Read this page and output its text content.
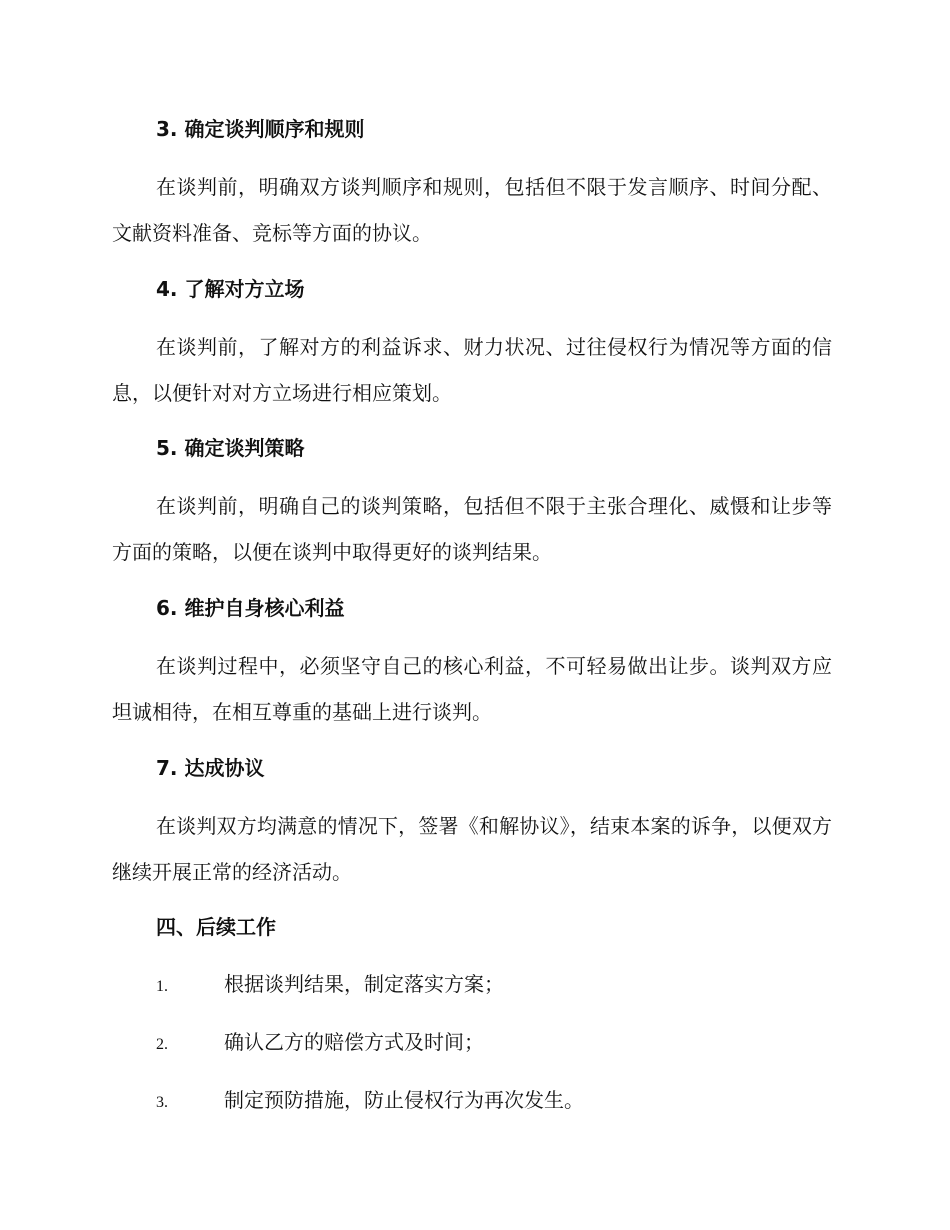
3. 确定谈判顺序和规则
在谈判前，明确双方谈判顺序和规则，包括但不限于发言顺序、时间分配、文献资料准备、竞标等方面的协议。
4. 了解对方立场
在谈判前，了解对方的利益诉求、财力状况、过往侵权行为情况等方面的信息，以便针对对方立场进行相应策划。
5. 确定谈判策略
在谈判前，明确自己的谈判策略，包括但不限于主张合理化、威慑和让步等方面的策略，以便在谈判中取得更好的谈判结果。
6. 维护自身核心利益
在谈判过程中，必须坚守自己的核心利益，不可轻易做出让步。谈判双方应坦诚相待，在相互尊重的基础上进行谈判。
7. 达成协议
在谈判双方均满意的情况下，签署《和解协议》，结束本案的诉争，以便双方继续开展正常的经济活动。
四、后续工作
1.	根据谈判结果，制定落实方案；
2.	确认乙方的赔偿方式及时间；
3.	制定预防措施，防止侵权行为再次发生。
